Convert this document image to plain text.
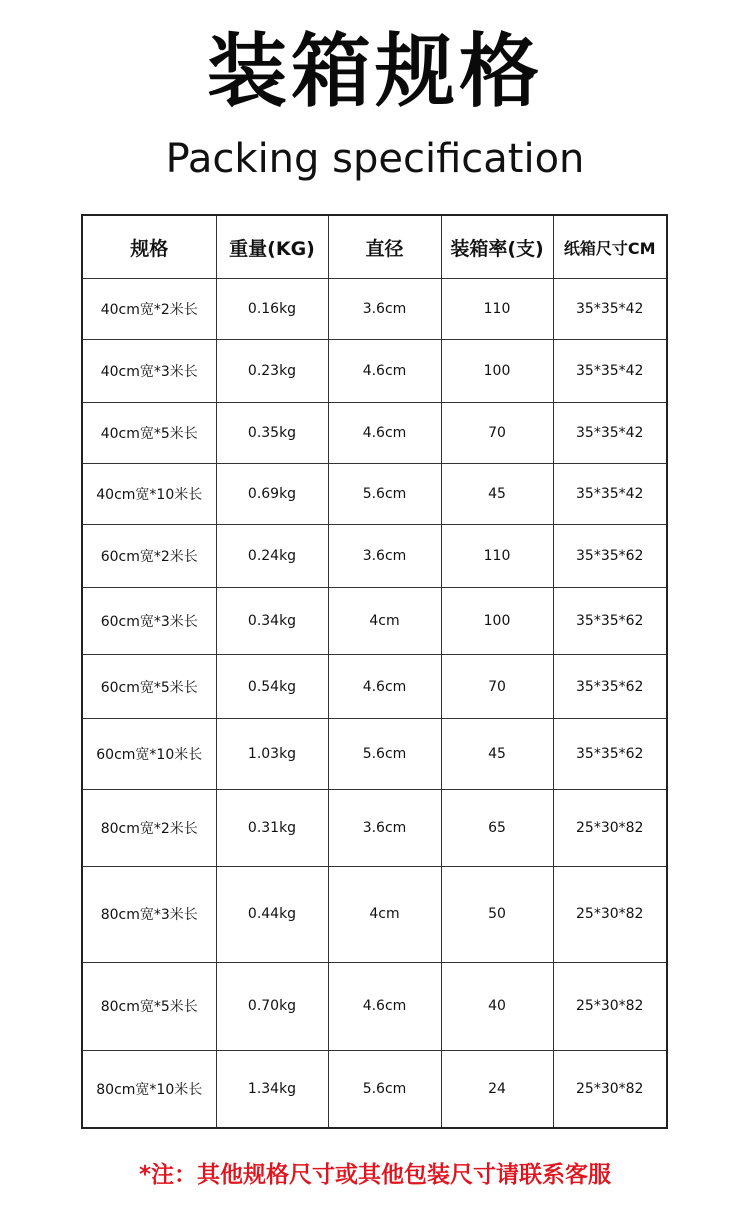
装箱规格
Packing specification
规格	重量(KG)	直径	装箱率(支)	纸箱尺寸CM
40cm宽*2米长	0.16kg	3.6cm	110	35*35*42
40cm宽*3米长	0.23kg	4.6cm	100	35*35*42
40cm宽*5米长	0.35kg	4.6cm	70	35*35*42
40cm宽*10米长	0.69kg	5.6cm	45	35*35*42
60cm宽*2米长	0.24kg	3.6cm	110	35*35*62
60cm宽*3米长	0.34kg	4cm	100	35*35*62
60cm宽*5米长	0.54kg	4.6cm	70	35*35*62
60cm宽*10米长	1.03kg	5.6cm	45	35*35*62
80cm宽*2米长	0.31kg	3.6cm	65	25*30*82
80cm宽*3米长	0.44kg	4cm	50	25*30*82
80cm宽*5米长	0.70kg	4.6cm	40	25*30*82
80cm宽*10米长	1.34kg	5.6cm	24	25*30*82
*注：其他规格尺寸或其他包装尺寸请联系客服
